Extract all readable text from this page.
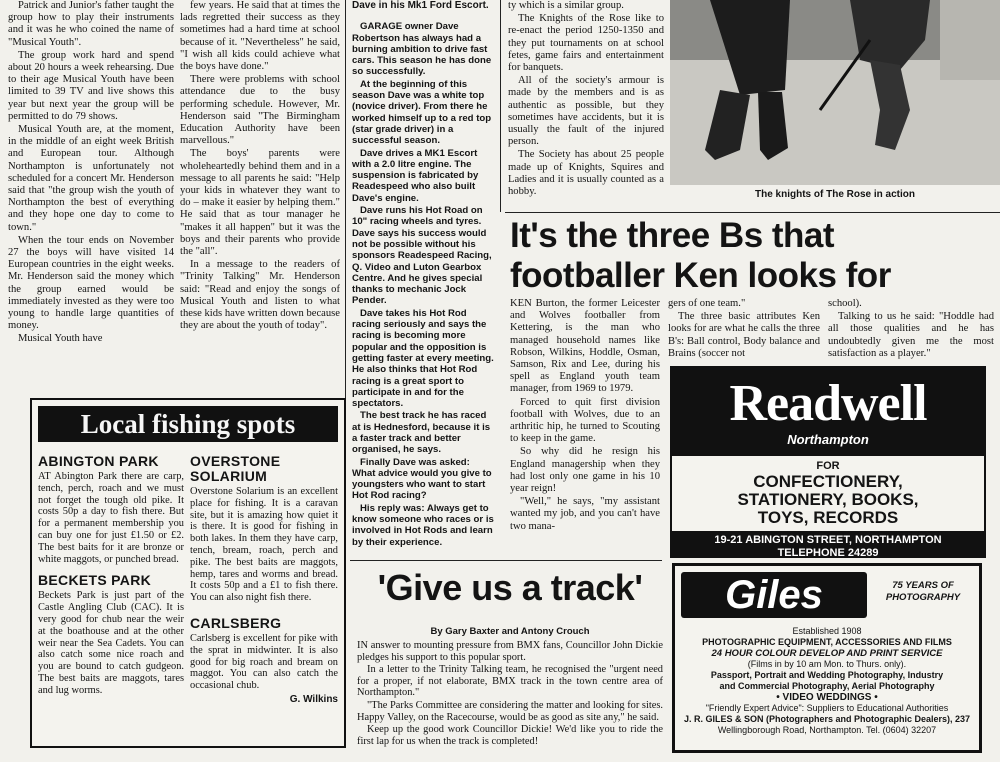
Patrick and Junior's father taught the group how to play their instruments and it was he who coined the name of "Musical Youth".

The group work hard and spend about 20 hours a week rehearsing. Due to their age Musical Youth have been limited to 39 TV and live shows this year but next year the group will be permitted to do 79 shows.

Musical Youth are, at the moment, in the middle of an eight week British and European tour. Although Northampton is unfortunately not scheduled for a concert Mr. Henderson said that "the group wish the youth of Northampton the best of everything and they hope one day to come to town."

When the tour ends on November 27 the boys will have visited 14 European countries in the eight weeks. Mr. Henderson said the money which the group earned would be immediately invested as they were too young to handle large quantities of money.

Musical Youth have

few years. He said that at times the lads regretted their success as they sometimes had a hard time at school because of it. "Nevertheless" he said, "I wish all kids could achieve what the boys have done."

There were problems with school attendance due to the busy performing schedule. However, Mr. Henderson said "The Birmingham Education Authority have been marvellous."

The boys' parents were wholeheartedly behind them and in a message to all parents he said: "Help your kids in whatever they want to do – make it easier by helping them." He said that as tour manager he "makes it all happen" but it was the boys and their parents who provide the "all".

In a message to the readers of "Trinity Talking" Mr. Henderson said: "Read and enjoy the songs of Musical Youth and listen to what these kids have written down because they are about the youth of today".

Dave in his Mk1 Ford Escort.

GARAGE owner Dave Robertson has always had a burning ambition to drive fast cars. This season he has done so successfully.

At the beginning of this season Dave was a white top (novice driver). From there he worked himself up to a red top (star grade driver) in a successful season.

Dave drives a MK1 Escort with a 2.0 litre engine. The suspension is fabricated by Readespeed who also built Dave's engine.

Dave runs his Hot Road on 10" racing wheels and tyres. Dave says his success would not be possible without his sponsors Readespeed Racing, Q. Video and Luton Gearbox Centre. And he gives special thanks to mechanic Jock Pender.

Dave takes his Hot Rod racing seriously and says the racing is becoming more popular and the opposition is getting faster at every meeting. He also thinks that Hot Rod racing is a great sport to participate in and for the spectators.

The best track he has raced at is Hednesford, because it is a faster track and better organised, he says.

Finally Dave was asked: What advice would you give to youngsters who want to start Hot Rod racing?

His reply was: Always get to know someone who races or is involved in Hot Rods and learn by their experience.

ty which is a similar group.

The Knights of the Rose like to re-enact the period 1250-1350 and they put tournaments on at school fetes, game fairs and entertainment for banquets.

All of the society's armour is made by the members and is as authentic as possible, but they sometimes have accidents, but it is usually the fault of the injured person.

The Society has about 25 people made up of Knights, Squires and Ladies and it is usually counted as a hobby.	The knights of The Rose in action
It's the three Bs that
footballer Ken looks for

KEN Burton, the former Leicester and Wolves footballer from Kettering, is the man who managed household names like Robson, Wilkins, Hoddle, Osman, Samson, Rix and Lee, during his spell as England youth team manager, from 1969 to 1979.

Forced to quit first division football with Wolves, due to an arthritic hip, he turned to Scouting to keep in the game.

So why did he resign his England managership when they had lost only one game in his 10 year reign!

"Well," he says, "my assistant wanted my job, and you can't have two mana-

gers of one team."

The three basic attributes Ken looks for are what he calls the three B's: Ball control, Body balance and Brains (soccer not

school).

Talking to us he said: "Hoddle had all those qualities and he has undoubtedly given me the most satisfaction as a player."

Readwell
Northampton
FOR
CONFECTIONERY,
STATIONERY, BOOKS,
TOYS, RECORDS
19-21 ABINGTON STREET, NORTHAMPTON
TELEPHONE 24289
Local fishing spots
ABINGTON PARK
AT Abington Park there are carp, tench, perch, roach and we must not forget the tough old pike. It costs 50p a day to fish there. But for a permanent membership you can buy one for just £1.50 or £2. The best baits for it are bronze or white maggots, or punched bread.
BECKETS PARK
Beckets Park is just part of the Castle Angling Club (CAC). It is very good for chub near the weir at the boathouse and at the other weir near the Sea Cadets. You can also catch some nice roach and you are bound to catch gudgeon. The best baits are maggots, tares and lug worms.
OVERSTONE
SOLARIUM
Overstone Solarium is an excellent place for fishing. It is a caravan site, but it is amazing how quiet it is there. It is good for fishing in both lakes. In them they have carp, tench, bream, roach, perch and pike. The best baits are maggots, hemp, tares and worms and bread. It costs 50p and a £1 to fish there. You can also night fish there.
CARLSBERG
Carlsberg is excellent for pike with the sprat in midwinter. It is also good for big roach and bream on maggot. You can also catch the occasional chub.
G. Wilkins
'Give us a track'
By Gary Baxter and Antony Crouch

IN answer to mounting pressure from BMX fans, Councillor John Dickie pledges his support to this popular sport.

In a letter to the Trinity Talking team, he recognised the "urgent need for a proper, if not elaborate, BMX track in the town centre area of Northampton."

"The Parks Committee are considering the matter and looking for sites. Happy Valley, on the Racecourse, would be as good as site any," he said.

Keep up the good work Councillor Dickie! We'd like you to ride the first lap for us when the track is completed!

Giles	75 YEARS OF PHOTOGRAPHY
Established 1908
PHOTOGRAPHIC EQUIPMENT, ACCESSORIES AND FILMS
24 HOUR COLOUR DEVELOP AND PRINT SERVICE
(Films in by 10 am Mon. to Thurs. only).
Passport, Portrait and Wedding Photography, Industry
and Commercial Photography, Aerial Photography
• VIDEO WEDDINGS •
"Friendly Expert Advice": Suppliers to Educational Authorities
J. R. GILES & SON (Photographers and Photographic Dealers), 237
Wellingborough Road, Northampton. Tel. (0604) 32207
